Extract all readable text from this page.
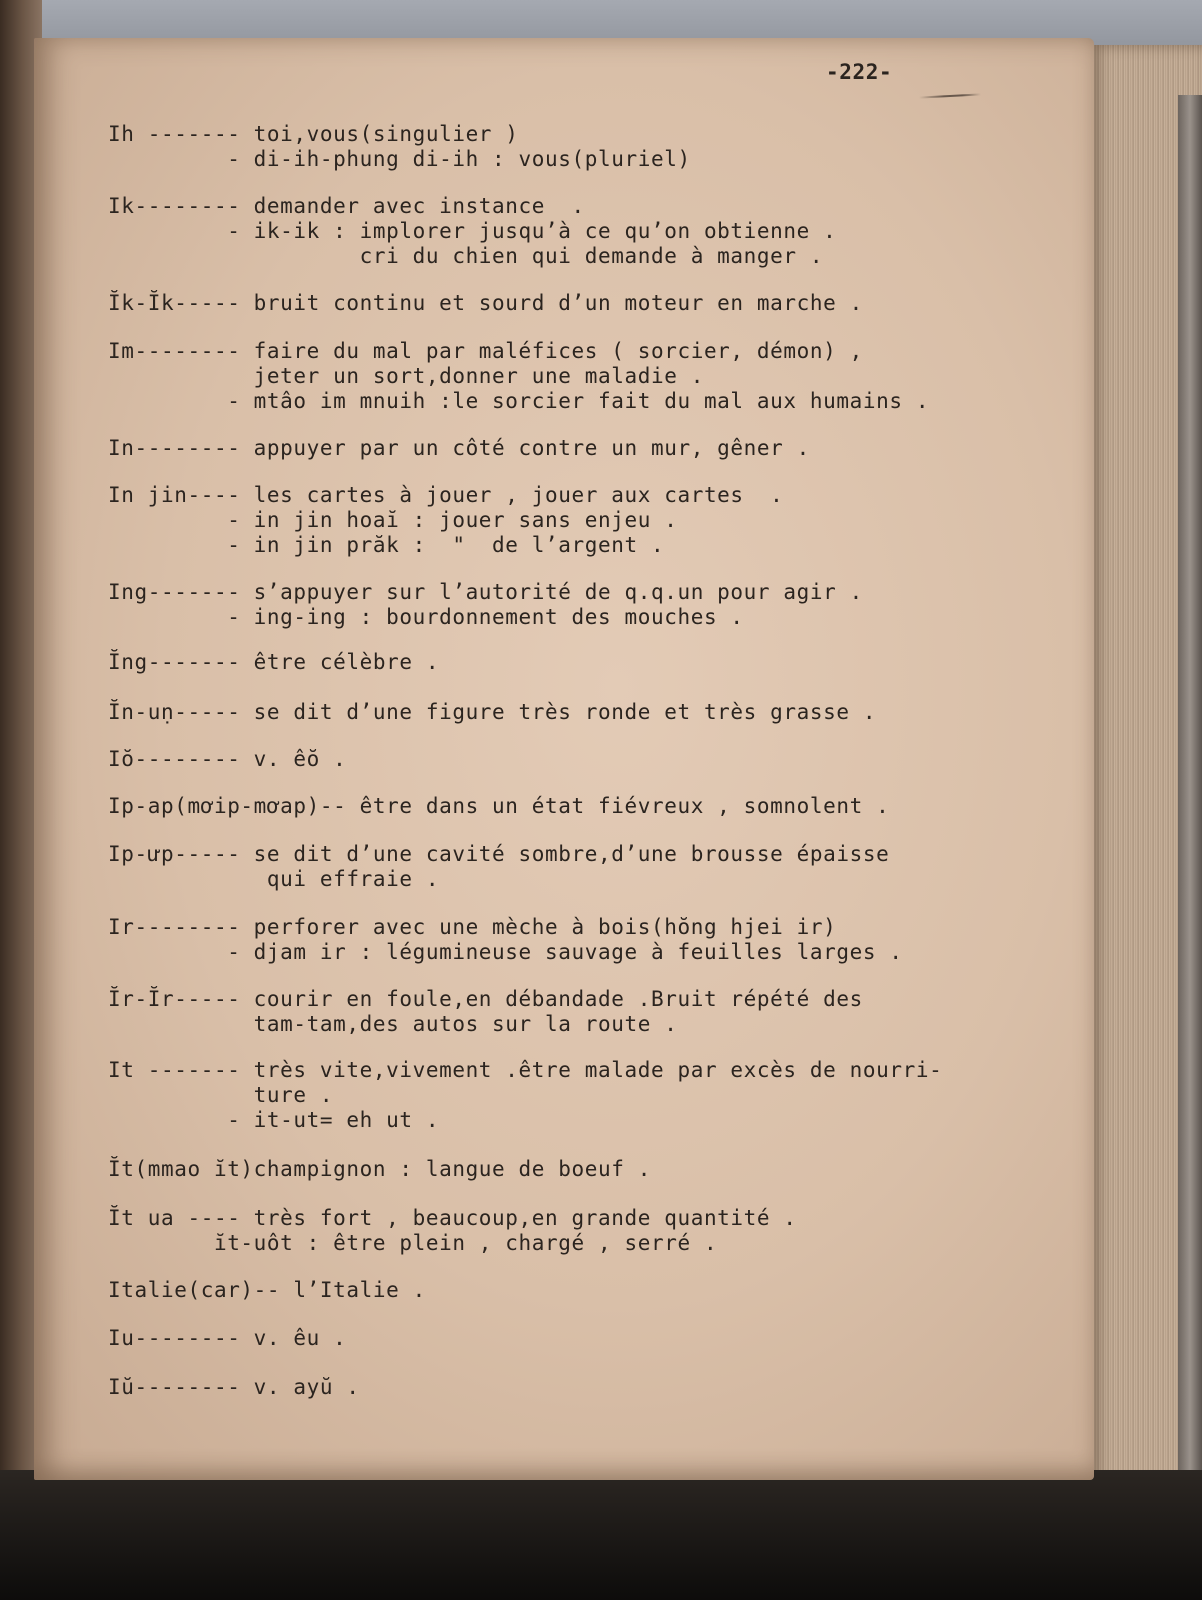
-222-
Ih ------- toi,vous(singulier )
- di-ih-phung di-ih : vous(pluriel)
Ik-------- demander avec instance  .
- ik-ik : implorer jusqu’à ce qu’on obtienne .
cri du chien qui demande à manger .
Ĭk-Ĭk----- bruit continu et sourd d’un moteur en marche .
Im-------- faire du mal par maléfices ( sorcier, démon) ,
jeter un sort,donner une maladie .
- mtâo im mnuih :le sorcier fait du mal aux humains .
In-------- appuyer par un côté contre un mur, gêner .
In jin---- les cartes à jouer , jouer aux cartes  .
- in jin hoaĭ : jouer sans enjeu .
- in jin prăk :  "  de l’argent .
Ing------- s’appuyer sur l’autorité de q.q.un pour agir .
- ing-ing : bourdonnement des mouches .
Ĭng------- être célèbre .
Ĭn-uṇ----- se dit d’une figure très ronde et très grasse .
Iŏ-------- v. êŏ .
Ip-ap(mơip-mơap)-- être dans un état fiévreux , somnolent .
Ip-ưp----- se dit d’une cavité sombre,d’une brousse épaisse
qui effraie .
Ir-------- perforer avec une mèche à bois(hŏng hjei ir)
- djam ir : légumineuse sauvage à feuilles larges .
Ĭr-Ĭr----- courir en foule,en débandade .Bruit répété des
tam-tam,des autos sur la route .
It ------- très vite,vivement .être malade par excès de nourri-
ture .
- it-ut= eh ut .
Ĭt(mmao ĭt)champignon : langue de boeuf .
Ĭt ua ---- très fort , beaucoup,en grande quantité .
ĭt-uôt : être plein , chargé , serré .
Italie(car)-- l’Italie .
Iu-------- v. êu .
Iŭ-------- v. ayŭ .
